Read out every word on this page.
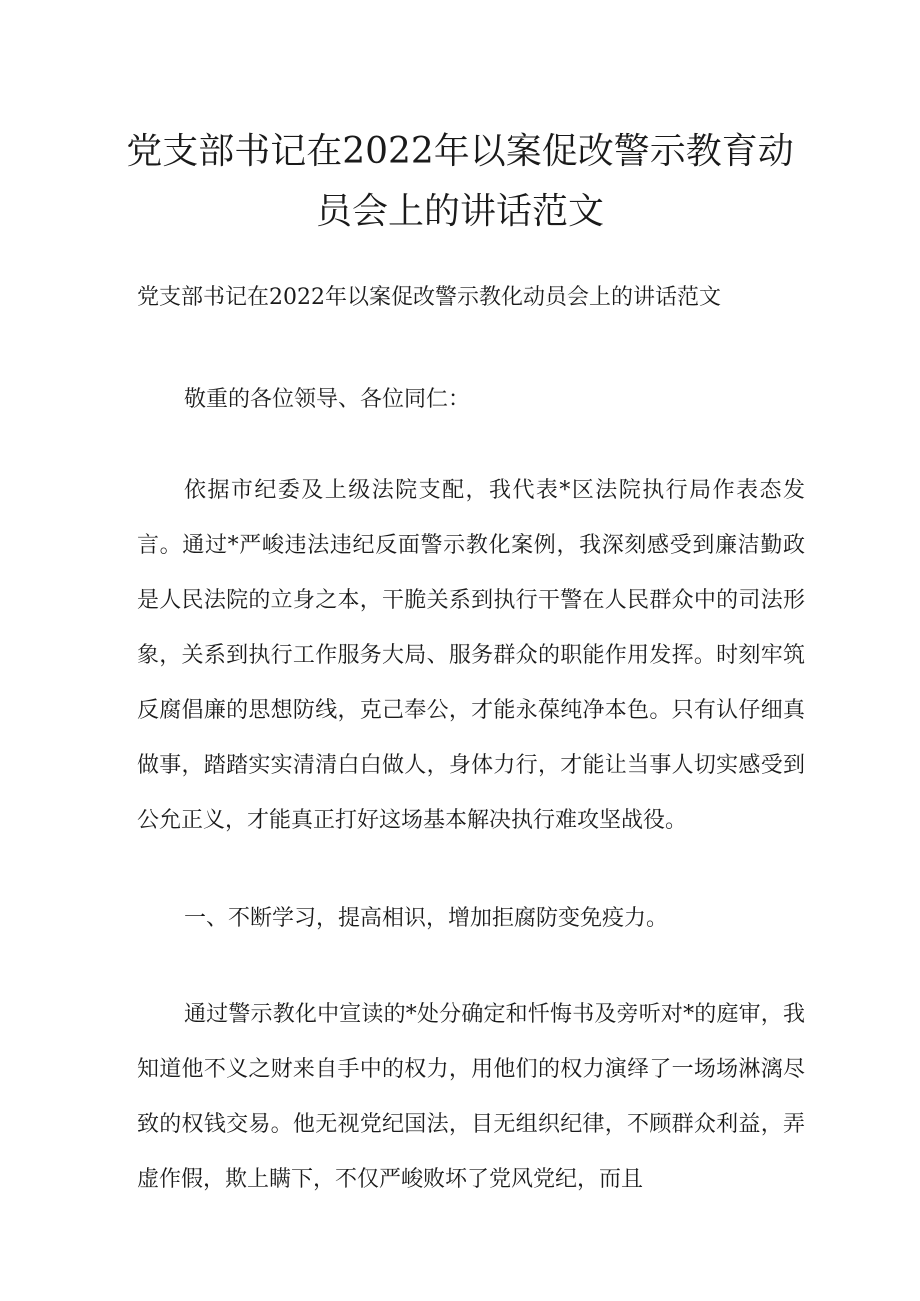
党支部书记在2022年以案促改警示教育动
员会上的讲话范文

党支部书记在2022年以案促改警示教化动员会上的讲话范文

敬重的各位领导、各位同仁：

依据市纪委及上级法院支配，我代表*区法院执行局作表态发言。通过*严峻违法违纪反面警示教化案例，我深刻感受到廉洁勤政是人民法院的立身之本，干脆关系到执行干警在人民群众中的司法形象，关系到执行工作服务大局、服务群众的职能作用发挥。时刻牢筑反腐倡廉的思想防线，克己奉公，才能永葆纯净本色。只有认仔细真做事，踏踏实实清清白白做人，身体力行，才能让当事人切实感受到公允正义，才能真正打好这场基本解决执行难攻坚战役。

一、不断学习，提高相识，增加拒腐防变免疫力。

通过警示教化中宣读的*处分确定和忏悔书及旁听对*的庭审，我知道他不义之财来自手中的权力，用他们的权力演绎了一场场淋漓尽致的权钱交易。他无视党纪国法，目无组织纪律，不顾群众利益，弄虚作假，欺上瞒下，不仅严峻败坏了党风党纪，而且
